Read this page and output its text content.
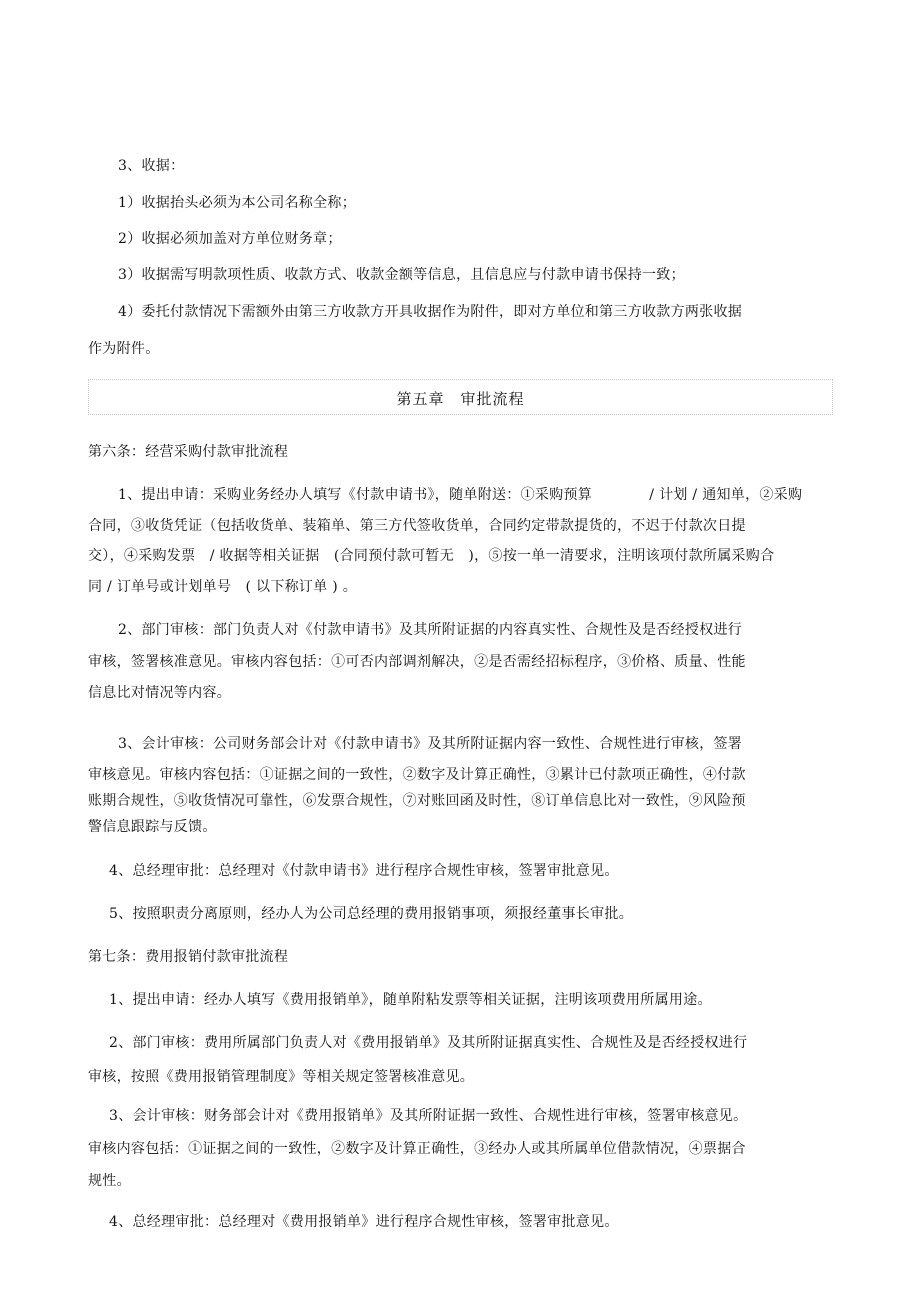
3、收据：
1）收据抬头必须为本公司名称全称；
2）收据必须加盖对方单位财务章；
3）收据需写明款项性质、收款方式、收款金额等信息，且信息应与付款申请书保持一致；
4）委托付款情况下需额外由第三方收款方开具收据作为附件，即对方单位和第三方收款方两张收据
作为附件。
第五章　审批流程
第六条：经营采购付款审批流程
1、提出申请：采购业务经办人填写《付款申请书》，随单附送：①采购预算　　　　/ 计划 / 通知单，②采购
合同，③收货凭证（包括收货单、装箱单、第三方代签收货单，合同约定带款提货的，不迟于付款次日提
交），④采购发票　/ 收据等相关证据　(合同预付款可暂无　)，⑤按一单一清要求，注明该项付款所属采购合
同 / 订单号或计划单号　( 以下称订单 ) 。
2、部门审核：部门负责人对《付款申请书》及其所附证据的内容真实性、合规性及是否经授权进行
审核，签署核准意见。审核内容包括：①可否内部调剂解决，②是否需经招标程序，③价格、质量、性能
信息比对情况等内容。
3、会计审核：公司财务部会计对《付款申请书》及其所附证据内容一致性、合规性进行审核，签署
审核意见。审核内容包括：①证据之间的一致性，②数字及计算正确性，③累计已付款项正确性，④付款
账期合规性，⑤收货情况可靠性，⑥发票合规性，⑦对账回函及时性，⑧订单信息比对一致性，⑨风险预
警信息跟踪与反馈。
4、总经理审批：总经理对《付款申请书》进行程序合规性审核，签署审批意见。
5、按照职责分离原则，经办人为公司总经理的费用报销事项，须报经董事长审批。
第七条：费用报销付款审批流程
1、提出申请：经办人填写《费用报销单》，随单附粘发票等相关证据，注明该项费用所属用途。
2、部门审核：费用所属部门负责人对《费用报销单》及其所附证据真实性、合规性及是否经授权进行
审核，按照《费用报销管理制度》等相关规定签署核准意见。
3、会计审核：财务部会计对《费用报销单》及其所附证据一致性、合规性进行审核，签署审核意见。
审核内容包括：①证据之间的一致性，②数字及计算正确性，③经办人或其所属单位借款情况，④票据合
规性。
4、总经理审批：总经理对《费用报销单》进行程序合规性审核，签署审批意见。
